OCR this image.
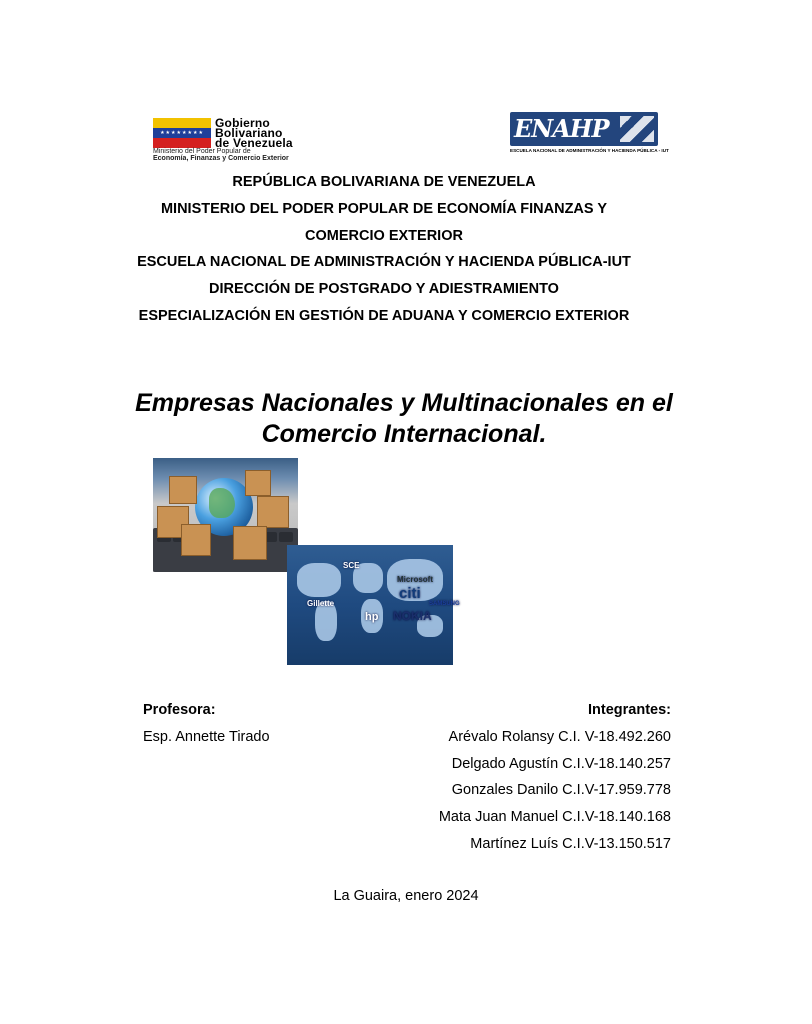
★★★★★★★★
Gobierno
Bolivariano
de Venezuela
Ministerio del Poder Popular de
Economía, Finanzas y Comercio Exterior
ENAHP
ESCUELA NACIONAL DE ADMINISTRACIÓN Y HACIENDA PÚBLICA - IUT
REPÚBLICA BOLIVARIANA DE VENEZUELA
MINISTERIO DEL PODER POPULAR DE ECONOMÍA FINANZAS Y
COMERCIO EXTERIOR
ESCUELA NACIONAL DE ADMINISTRACIÓN Y HACIENDA PÚBLICA-IUT
DIRECCIÓN DE POSTGRADO Y ADIESTRAMIENTO
ESPECIALIZACIÓN EN GESTIÓN DE ADUANA Y COMERCIO EXTERIOR
Empresas Nacionales y Multinacionales en el Comercio Internacional.
SCE
Microsoft
citi
SAMSUNG
NOKIA
Gillette
hp
Profesora:
Esp. Annette Tirado
Integrantes:
Arévalo Rolansy C.I. V-18.492.260
Delgado Agustín C.I.V-18.140.257
Gonzales Danilo C.I.V-17.959.778
Mata Juan Manuel C.I.V-18.140.168
Martínez Luís C.I.V-13.150.517
La Guaira, enero 2024
